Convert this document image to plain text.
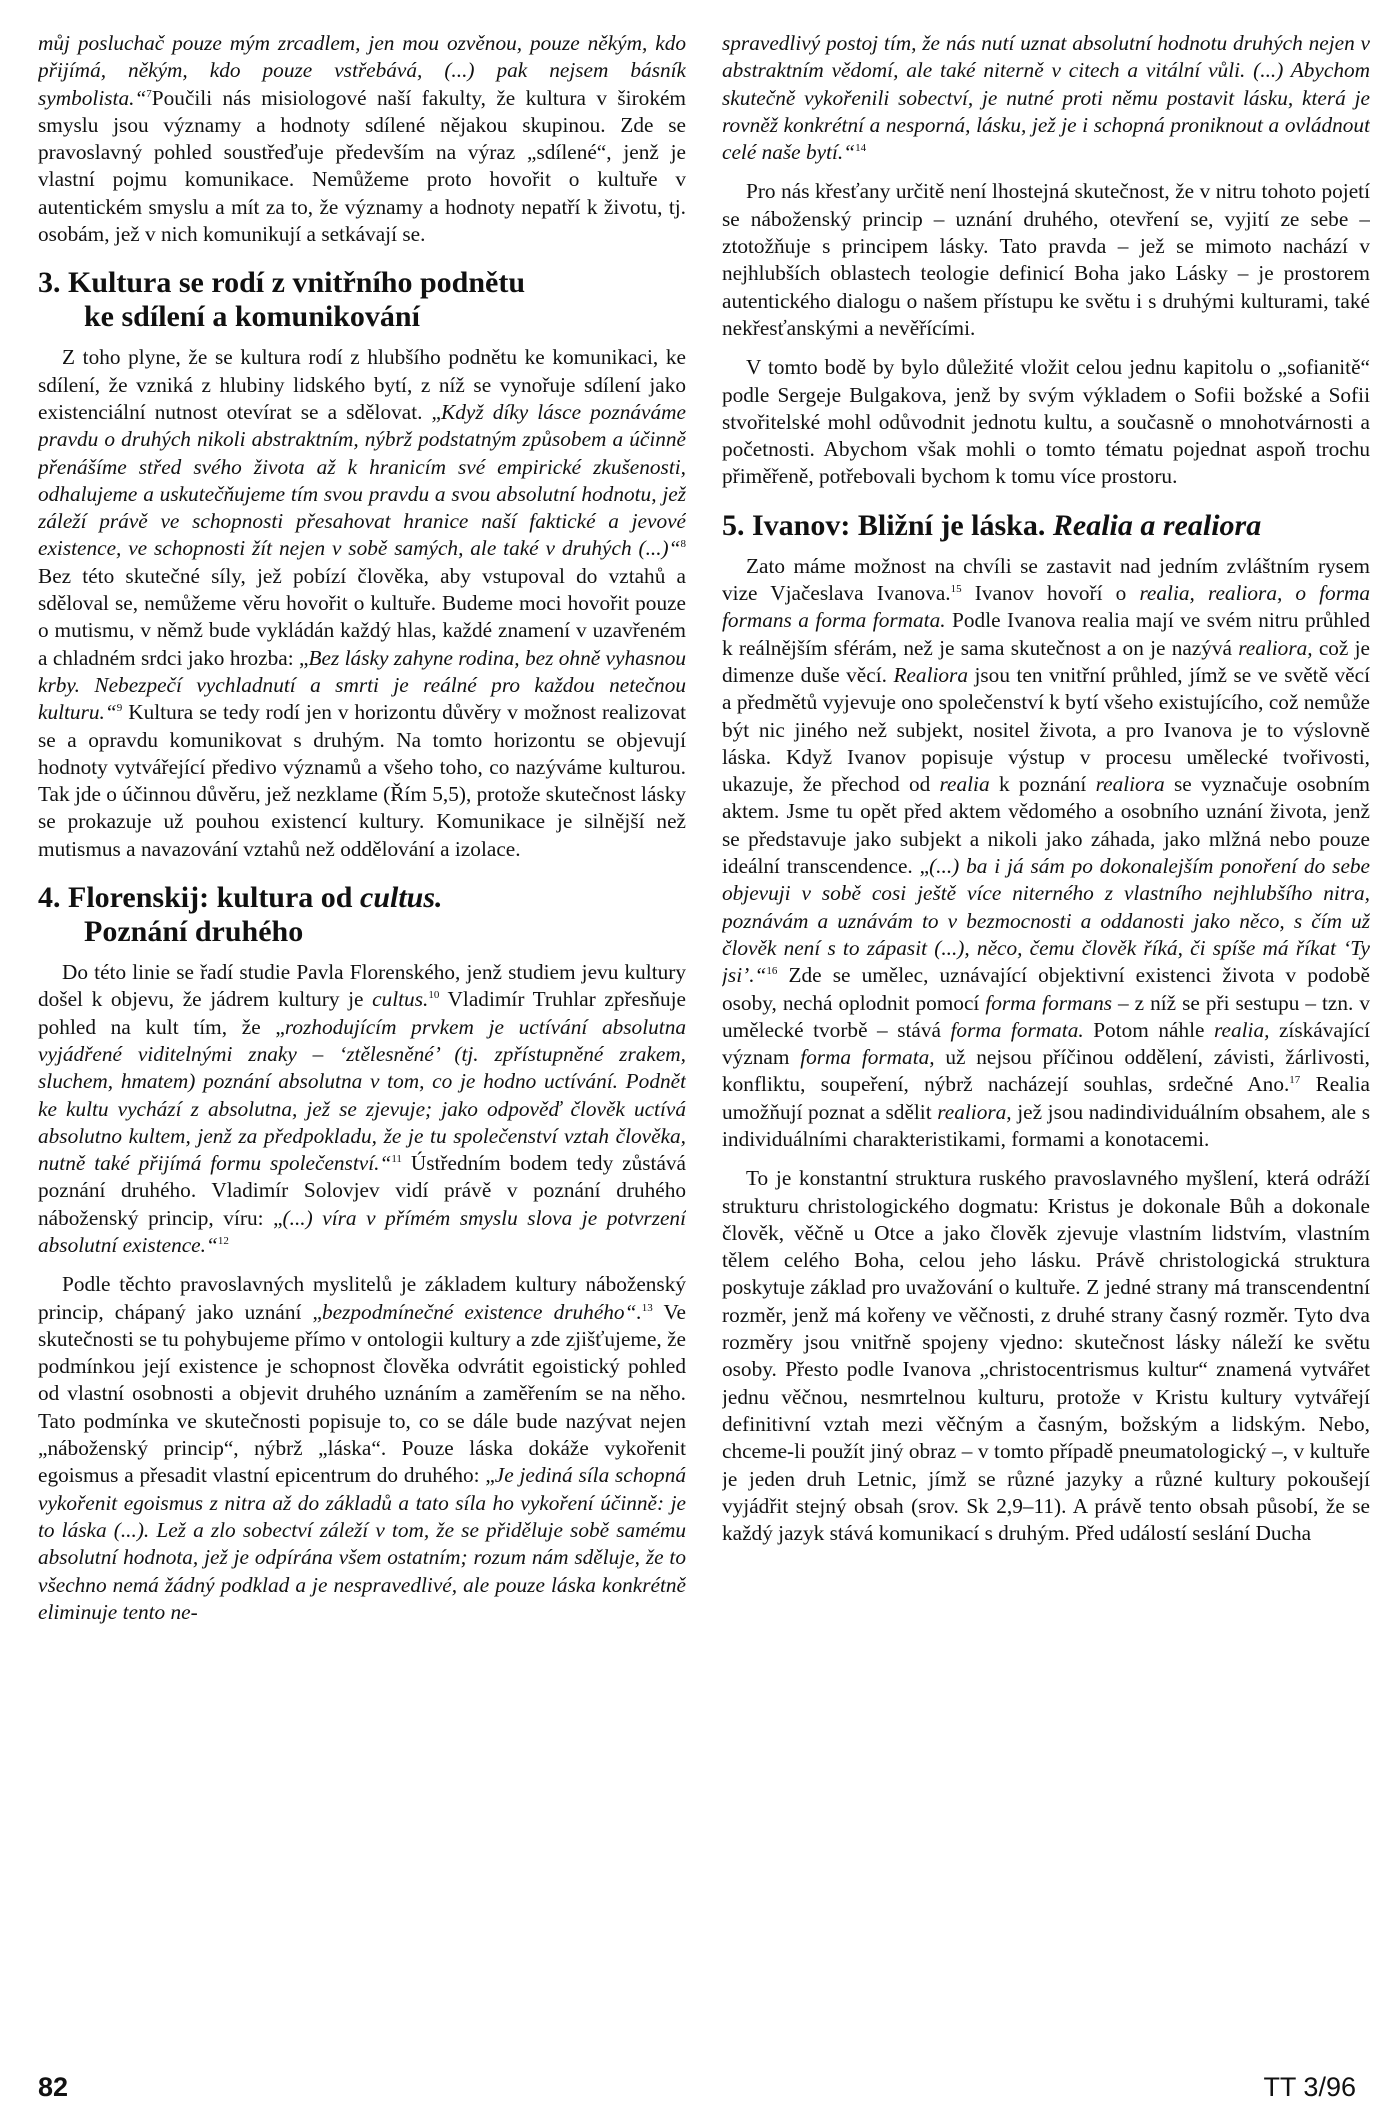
můj posluchač pouze mým zrcadlem, jen mou ozvěnou, pouze někým, kdo přijímá, někým, kdo pouze vstřebává, (...) pak nejsem básník symbolista.“$^7$Poučili nás misiologové naší fakulty, že kultura v širokém smyslu jsou významy a hodnoty sdílené nějakou skupinou. Zde se pravoslavný pohled soustřeďuje především na výraz „sdílené“, jenž je vlastní pojmu komunikace. Nemůžeme proto hovořit o kultuře v autentickém smyslu a mít za to, že významy a hodnoty nepatří k životu, tj. osobám, jež v nich komunikují a setkávají se.

3. Kultura se rodí z vnitřního podnětu
ke sdílení a komunikování

Z toho plyne, že se kultura rodí z hlubšího podnětu ke komunikaci, ke sdílení, že vzniká z hlubiny lidského bytí, z níž se vynořuje sdílení jako existenciální nutnost otevírat se a sdělovat. „Když díky lásce poznáváme pravdu o druhých nikoli abstraktním, nýbrž podstatným způsobem a účinně přenášíme střed svého života až k hranicím své empirické zkušenosti, odhalujeme a uskutečňujeme tím svou pravdu a svou absolutní hodnotu, jež záleží právě ve schopnosti přesahovat hranice naší faktické a jevové existence, ve schopnosti žít nejen v sobě samých, ale také v druhých (...)“$^8$ Bez této skutečné síly, jež pobízí člověka, aby vstupoval do vztahů a sděloval se, nemůžeme věru hovořit o kultuře. Budeme moci hovořit pouze o mutismu, v němž bude vykládán každý hlas, každé znamení v uzavřeném a chladném srdci jako hrozba: „Bez lásky zahyne rodina, bez ohně vyhasnou krby. Nebezpečí vychladnutí a smrti je reálné pro každou netečnou kulturu.“$^9$ Kultura se tedy rodí jen v horizontu důvěry v možnost realizovat se a opravdu komunikovat s druhým. Na tomto horizontu se objevují hodnoty vytvářející předivo významů a všeho toho, co nazýváme kulturou. Tak jde o účinnou důvěru, jež nezklame (Řím 5,5), protože skutečnost lásky se prokazuje už pouhou existencí kultury. Komunikace je silnější než mutismus a navazování vztahů než oddělování a izolace.

4. Florenskij: kultura od cultus.
Poznání druhého

Do této linie se řadí studie Pavla Florenského, jenž studiem jevu kultury došel k objevu, že jádrem kultury je cultus.$^{10}$ Vladimír Truhlar zpřesňuje pohled na kult tím, že „rozhodujícím prvkem je uctívání absolutna vyjádřené viditelnými znaky – ‘ztělesněné’ (tj. zpřístupněné zrakem, sluchem, hmatem) poznání absolutna v tom, co je hodno uctívání. Podnět ke kultu vychází z absolutna, jež se zjevuje; jako odpověď člověk uctívá absolutno kultem, jenž za předpokladu, že je tu společenství vztah člověka, nutně také přijímá formu společenství.“$^{11}$ Ústředním bodem tedy zůstává poznání druhého. Vladimír Solovjev vidí právě v poznání druhého náboženský princip, víru: „(...) víra v přímém smyslu slova je potvrzení absolutní existence.“$^{12}$

Podle těchto pravoslavných myslitelů je základem kultury náboženský princip, chápaný jako uznání „bezpodmínečné existence druhého“.$^{13}$ Ve skutečnosti se tu pohybujeme přímo v ontologii kultury a zde zjišťujeme, že podmínkou její existence je schopnost člověka odvrátit egoistický pohled od vlastní osobnosti a objevit druhého uznáním a zaměřením se na něho. Tato podmínka ve skutečnosti popisuje to, co se dále bude nazývat nejen „náboženský princip“, nýbrž „láska“. Pouze láska dokáže vykořenit egoismus a přesadit vlastní epicentrum do druhého: „Je jediná síla schopná vykořenit egoismus z nitra až do základů a tato síla ho vykoření účinně: je to láska (...). Lež a zlo sobectví záleží v tom, že se přiděluje sobě samému absolutní hodnota, jež je odpírána všem ostatním; rozum nám sděluje, že to všechno nemá žádný podklad a je nespravedlivé, ale pouze láska konkrétně eliminuje tento ne-

spravedlivý postoj tím, že nás nutí uznat absolutní hodnotu druhých nejen v abstraktním vědomí, ale také niterně v citech a vitální vůli. (...) Abychom skutečně vykořenili sobectví, je nutné proti němu postavit lásku, která je rovněž konkrétní a nesporná, lásku, jež je i schopná proniknout a ovládnout celé naše bytí.“$^{14}$

Pro nás křesťany určitě není lhostejná skutečnost, že v nitru tohoto pojetí se náboženský princip – uznání druhého, otevření se, vyjití ze sebe – ztotožňuje s principem lásky. Tato pravda – jež se mimoto nachází v nejhlubších oblastech teologie definicí Boha jako Lásky – je prostorem autentického dialogu o našem přístupu ke světu i s druhými kulturami, také nekřesťanskými a nevěřícími.

V tomto bodě by bylo důležité vložit celou jednu kapitolu o „sofianitě“ podle Sergeje Bulgakova, jenž by svým výkladem o Sofii božské a Sofii stvořitelské mohl odůvodnit jednotu kultu, a současně o mnohotvárnosti a početnosti. Abychom však mohli o tomto tématu pojednat aspoň trochu přiměřeně, potřebovali bychom k tomu více prostoru.

5. Ivanov: Bližní je láska. Realia a realiora

Zato máme možnost na chvíli se zastavit nad jedním zvláštním rysem vize Vjačeslava Ivanova.$^{15}$ Ivanov hovoří o realia, realiora, o forma formans a forma formata. Podle Ivanova realia mají ve svém nitru průhled k reálnějším sférám, než je sama skutečnost a on je nazývá realiora, což je dimenze duše věcí. Realiora jsou ten vnitřní průhled, jímž se ve světě věcí a předmětů vyjevuje ono společenství k bytí všeho existujícího, což nemůže být nic jiného než subjekt, nositel života, a pro Ivanova je to výslovně láska. Když Ivanov popisuje výstup v procesu umělecké tvořivosti, ukazuje, že přechod od realia k poznání realiora se vyznačuje osobním aktem. Jsme tu opět před aktem vědomého a osobního uznání života, jenž se představuje jako subjekt a nikoli jako záhada, jako mlžná nebo pouze ideální transcendence. „(...) ba i já sám po dokonalejším ponoření do sebe objevuji v sobě cosi ještě více niterného z vlastního nejhlubšího nitra, poznávám a uznávám to v bezmocnosti a oddanosti jako něco, s čím už člověk není s to zápasit (...), něco, čemu člověk říká, či spíše má říkat ‘Ty jsi’.“$^{16}$ Zde se umělec, uznávající objektivní existenci života v podobě osoby, nechá oplodnit pomocí forma formans – z níž se při sestupu – tzn. v umělecké tvorbě – stává forma formata. Potom náhle realia, získávající význam forma formata, už nejsou příčinou oddělení, závisti, žárlivosti, konfliktu, soupeření, nýbrž nacházejí souhlas, srdečné Ano.$^{17}$ Realia umožňují poznat a sdělit realiora, jež jsou nadindividuálním obsahem, ale s individuálními charakteristikami, formami a konotacemi.

To je konstantní struktura ruského pravoslavného myšlení, která odráží strukturu christologického dogmatu: Kristus je dokonale Bůh a dokonale člověk, věčně u Otce a jako člověk zjevuje vlastním lidstvím, vlastním tělem celého Boha, celou jeho lásku. Právě christologická struktura poskytuje základ pro uvažování o kultuře. Z jedné strany má transcendentní rozměr, jenž má kořeny ve věčnosti, z druhé strany časný rozměr. Tyto dva rozměry jsou vnitřně spojeny vjedno: skutečnost lásky náleží ke světu osoby. Přesto podle Ivanova „christocentrismus kultur“ znamená vytvářet jednu věčnou, nesmrtelnou kulturu, protože v Kristu kultury vytvářejí definitivní vztah mezi věčným a časným, božským a lidským. Nebo, chceme-li použít jiný obraz – v tomto případě pneumatologický –, v kultuře je jeden druh Letnic, jímž se různé jazyky a různé kultury pokoušejí vyjádřit stejný obsah (srov. Sk 2,9–11). A právě tento obsah působí, že se každý jazyk stává komunikací s druhým. Před událostí seslání Ducha

82	TT 3/96
